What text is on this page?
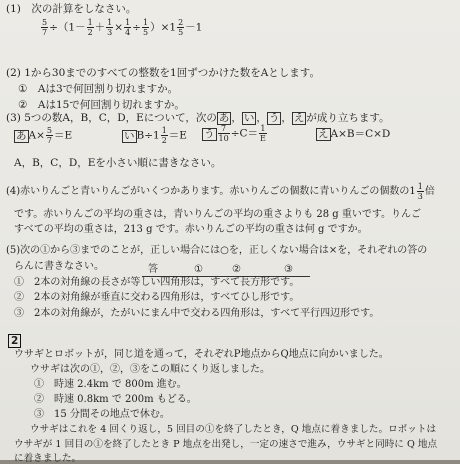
(1)　次の計算をしなさい。
$\frac{5}{7} \div(1- \frac{1}{2} + \frac{1}{3} \times \frac{1}{4} \div \frac{1}{5} )\times 1 \frac{2}{5} -1$
(2) 1から30までのすべての整数を1回ずつかけた数をAとします。
①　Aは3で何回割り切れますか。
②　Aは15で何回割り切れますか。
(3) 5つの数A，B，C，D，Eについて，次の あ ， い ， う ， え が成り立ちます。
あ $A\times \frac{5}{7} =E$	い $B\div 1 \frac{1}{2} =E$ う $\frac{7}{10} \div C= \frac{1}{E}$	え A×B＝C×D
A，B，C，D，Eを小さい順に書きなさい。
(4)赤いりんごと青いりんごがいくつかあります。赤いりんごの個数に青いりんごの個数の$1 \frac{1}{3}$ 倍
です。赤いりんごの平均の重さは，青いりんごの平均の重さよりも 28 g 重いです。りんご
すべての平均の重さは，213 g です。赤いりんごの平均の重さは何 g ですか。
(5)次の①から③までのことが，正しい場合には○を，正しくない場合は×を，それぞれの答の
らんに書きなさい。	答	①	②	③
①　2本の対角線の長さが等しい四角形は，すべて長方形です。
②　2本の対角線が垂直に交わる四角形は，すべてひし形です。
③　2本の対角線が，たがいにまん中で交わる四角形は，すべて平行四辺形です。
2
ウサギとロボットが，同じ道を通って，それぞれP地点からQ地点に向かいました。
ウサギは次の①，②，③をこの順にくり返しました。
①　時速 2.4km で 800m 進む。
②　時速 0.8km で 200m もどる。
③　15 分間その地点で休む。
ウサギはこれを 4 回くり返し，5 回目の①を終了したとき，Q 地点に着きました。ロボットは
ウサギが 1 回目の①を終了したとき P 地点を出発し，一定の速さで進み，ウサギと同時に Q 地点
に着きました。
